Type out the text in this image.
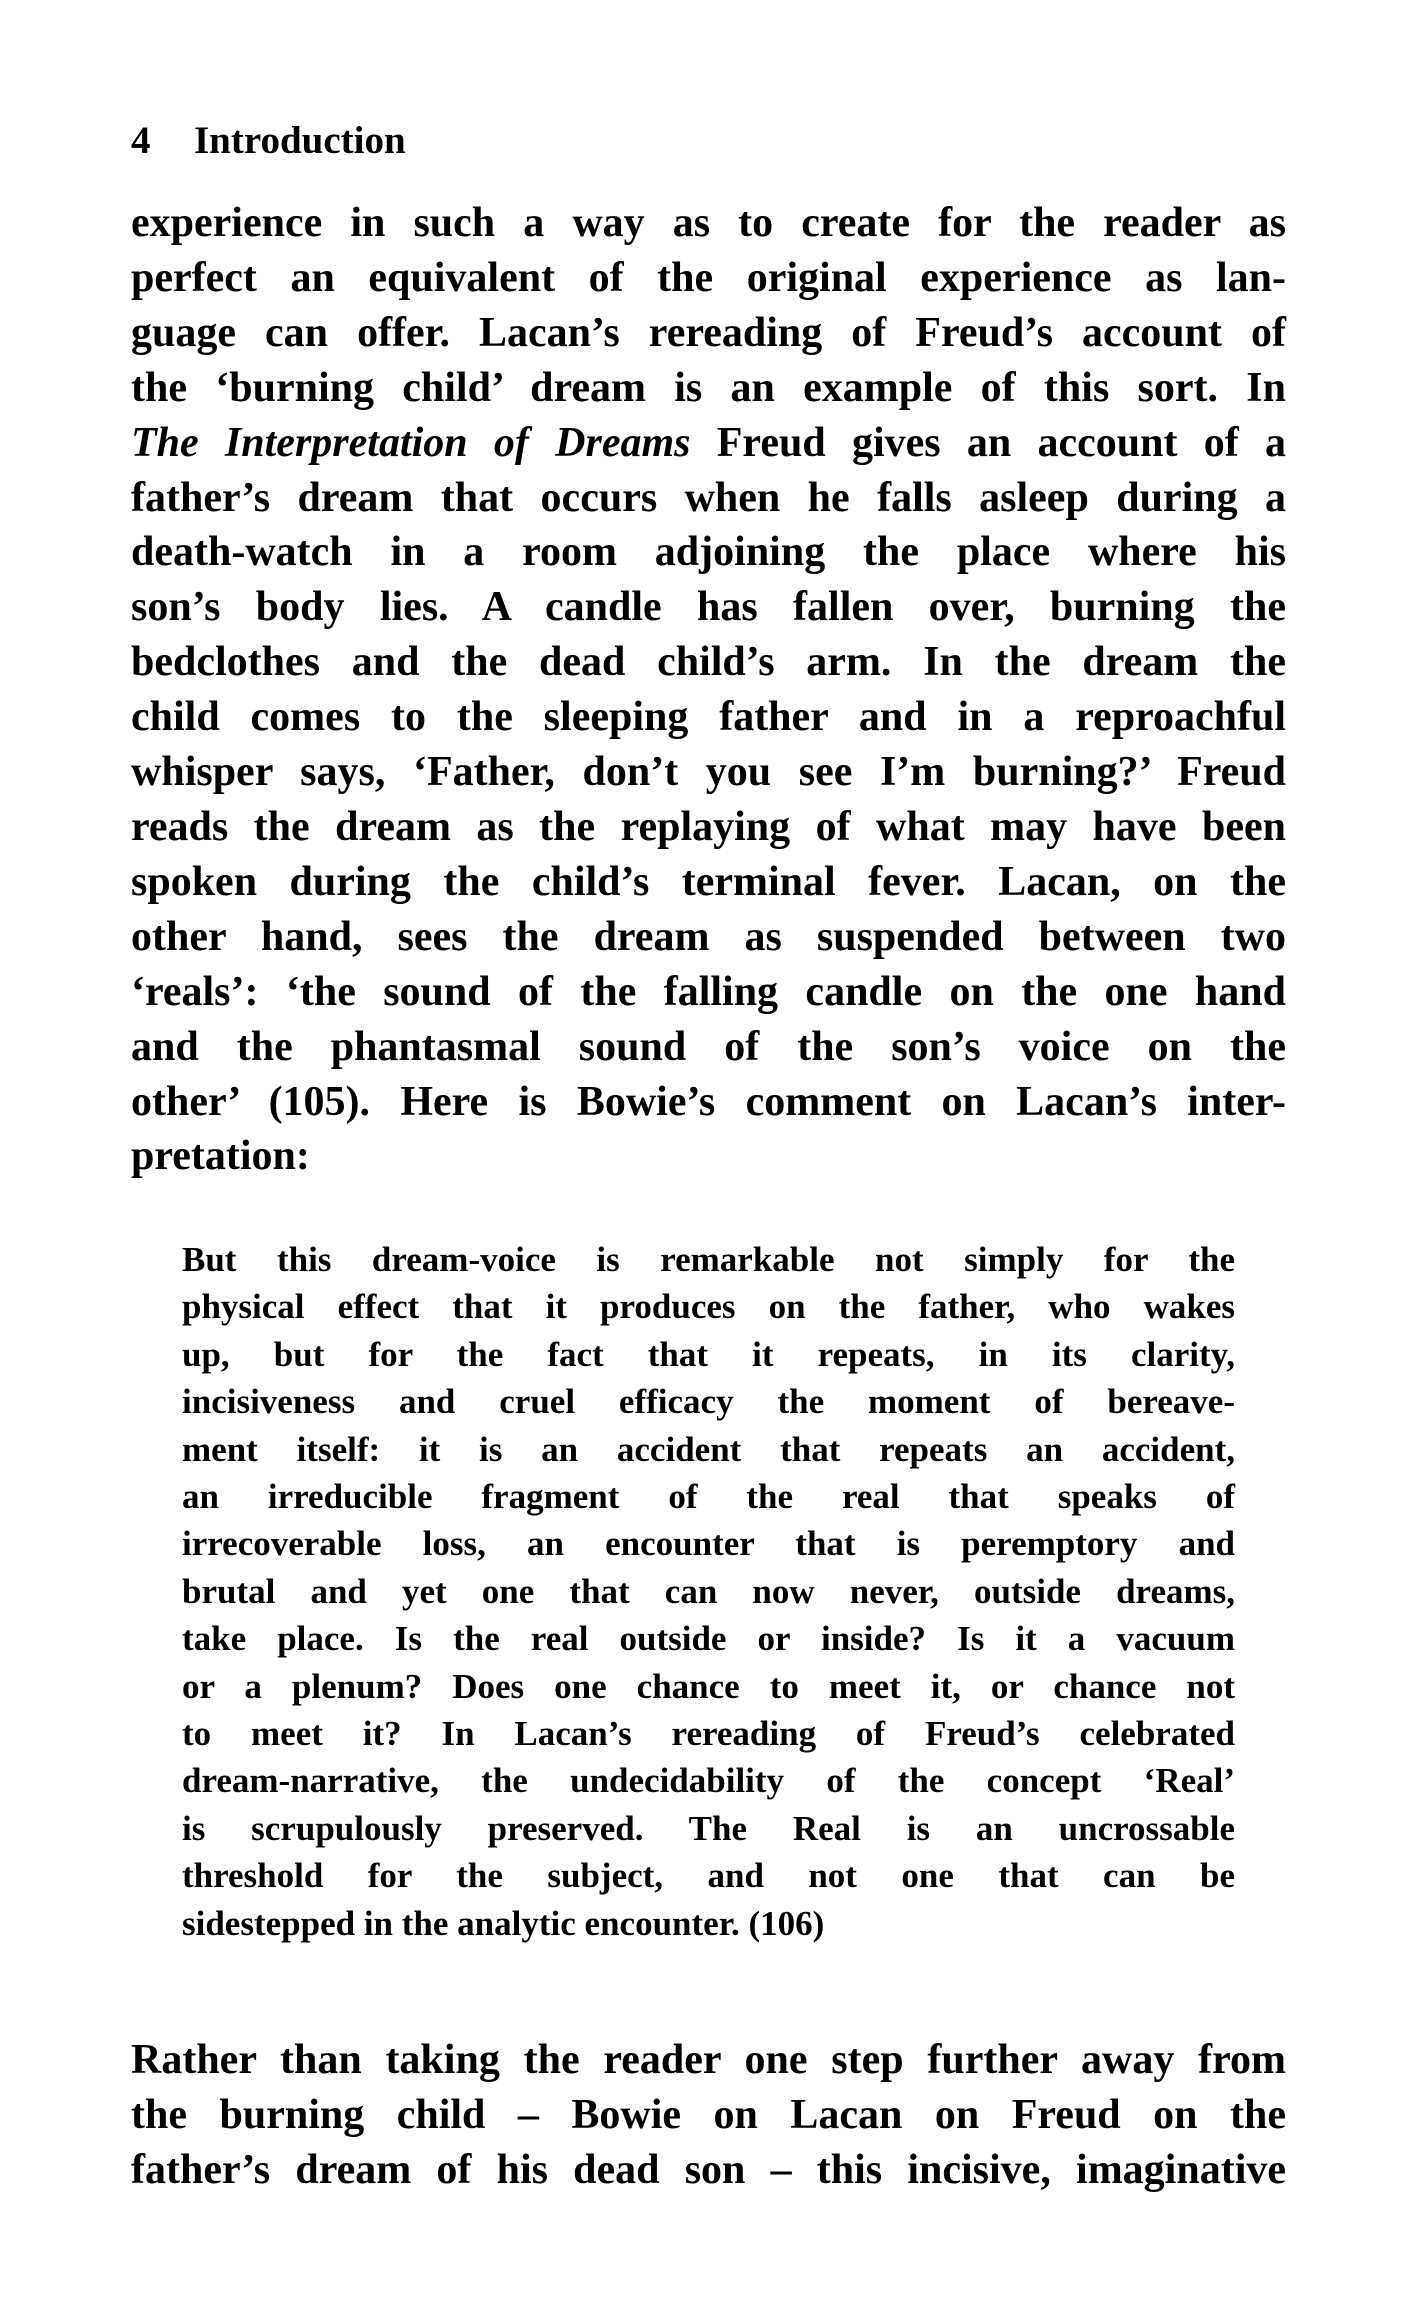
4 Introduction
experience in such a way as to create for the reader as
perfect an equivalent of the original experience as lan-
guage can offer. Lacan’s rereading of Freud’s account of
the ‘burning child’ dream is an example of this sort. In
The Interpretation of Dreams Freud gives an account of a
father’s dream that occurs when he falls asleep during a
death-watch in a room adjoining the place where his
son’s body lies. A candle has fallen over, burning the
bedclothes and the dead child’s arm. In the dream the
child comes to the sleeping father and in a reproachful
whisper says, ‘Father, don’t you see I’m burning?’ Freud
reads the dream as the replaying of what may have been
spoken during the child’s terminal fever. Lacan, on the
other hand, sees the dream as suspended between two
‘reals’: ‘the sound of the falling candle on the one hand
and the phantasmal sound of the son’s voice on the
other’ (105). Here is Bowie’s comment on Lacan’s inter-
pretation:
But this dream-voice is remarkable not simply for the
physical effect that it produces on the father, who wakes
up, but for the fact that it repeats, in its clarity,
incisiveness and cruel efficacy the moment of bereave-
ment itself: it is an accident that repeats an accident,
an irreducible fragment of the real that speaks of
irrecoverable loss, an encounter that is peremptory and
brutal and yet one that can now never, outside dreams,
take place. Is the real outside or inside? Is it a vacuum
or a plenum? Does one chance to meet it, or chance not
to meet it? In Lacan’s rereading of Freud’s celebrated
dream-narrative, the undecidability of the concept ‘Real’
is scrupulously preserved. The Real is an uncrossable
threshold for the subject, and not one that can be
sidestepped in the analytic encounter. (106)
Rather than taking the reader one step further away from
the burning child – Bowie on Lacan on Freud on the
father’s dream of his dead son – this incisive, imaginative
